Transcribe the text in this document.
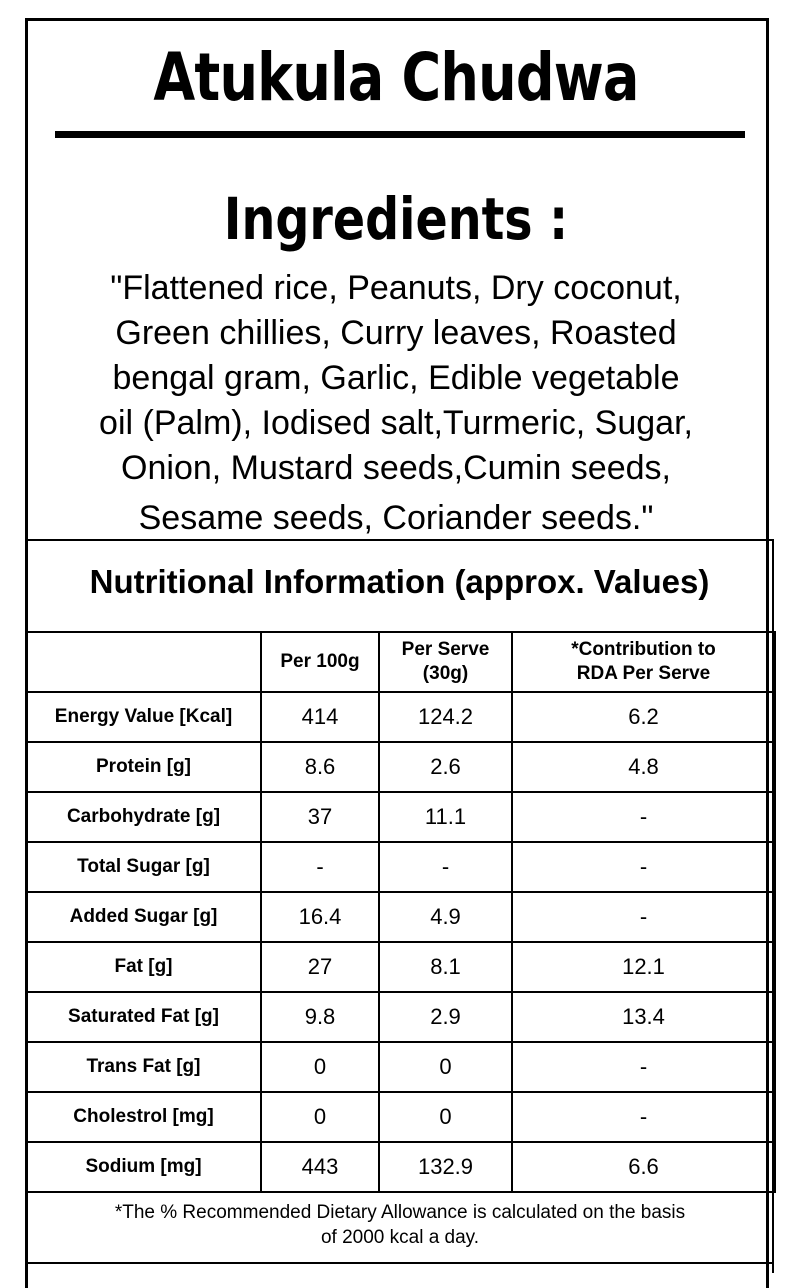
Atukula Chudwa
Ingredients :
"Flattened rice, Peanuts, Dry coconut,
Green chillies, Curry leaves, Roasted
bengal gram, Garlic, Edible vegetable
oil (Palm), Iodised salt,Turmeric, Sugar,
Onion, Mustard seeds,Cumin seeds,
Sesame seeds, Coriander seeds."
Nutritional Information (approx. Values)
	Per 100g	Per Serve (30g)	*Contribution to RDA Per Serve
Energy Value [Kcal]	414	124.2	6.2
Protein [g]	8.6	2.6	4.8
Carbohydrate [g]	37	11.1	-
Total Sugar [g]	-	-	-
Added Sugar [g]	16.4	4.9	-
Fat [g]	27	8.1	12.1
Saturated Fat [g]	9.8	2.9	13.4
Trans Fat [g]	0	0	-
Cholestrol [mg]	0	0	-
Sodium [mg]	443	132.9	6.6
*The % Recommended Dietary Allowance is calculated on the basis
of 2000 kcal a day.
